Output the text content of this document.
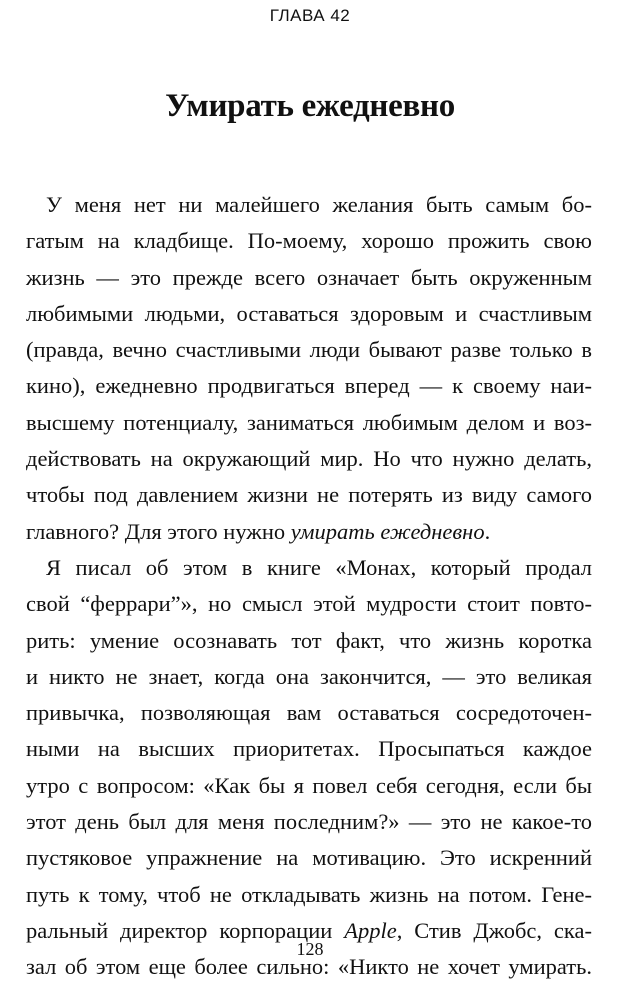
ГЛАВА 42
Умирать ежедневно
У меня нет ни малейшего желания быть самым бо-
гатым на кладбище. По-моему, хорошо прожить свою
жизнь — это прежде всего означает быть окруженным
любимыми людьми, оставаться здоровым и счастливым
(правда, вечно счастливыми люди бывают разве только в
кино), ежедневно продвигаться вперед — к своему наи-
высшему потенциалу, заниматься любимым делом и воз-
действовать на окружающий мир. Но что нужно делать,
чтобы под давлением жизни не потерять из виду самого
главного? Для этого нужно умирать ежедневно.
Я писал об этом в книге «Монах, который продал
свой “феррари”», но смысл этой мудрости стоит повто-
рить: умение осознавать тот факт, что жизнь коротка
и никто не знает, когда она закончится, — это великая
привычка, позволяющая вам оставаться сосредоточен-
ными на высших приоритетах. Просыпаться каждое
утро с вопросом: «Как бы я повел себя сегодня, если бы
этот день был для меня последним?» — это не какое-то
пустяковое упражнение на мотивацию. Это искренний
путь к тому, чтоб не откладывать жизнь на потом. Гене-
ральный директор корпорации Apple, Стив Джобс, ска-
зал об этом еще более сильно: «Никто не хочет умирать.
128
